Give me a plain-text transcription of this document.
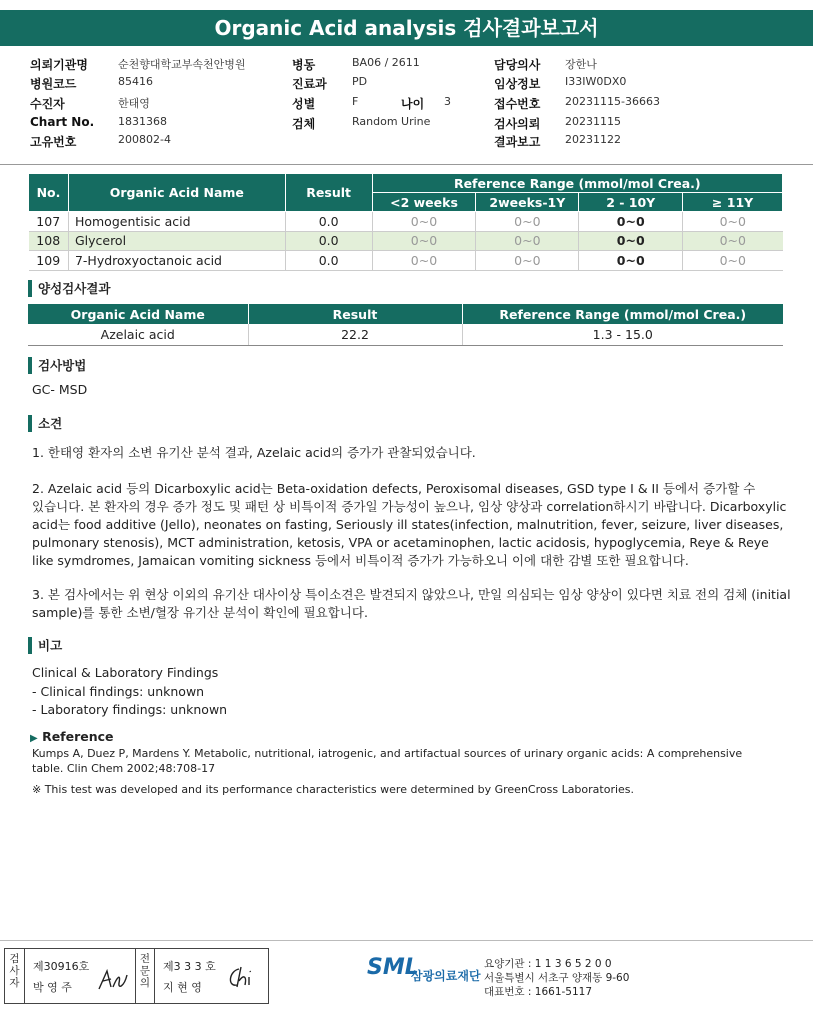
Organic Acid analysis 검사결과보고서
의뢰기관명	순천향대학교부속천안병원
병원코드	85416
수진자	한태영
Chart No. 1831368
고유번호	200802-4
병동	BA06 / 2611
진료과 PD
성별	F	나이 3
검체	Random Urine
담당의사 장한나
임상정보 I33IW0DX0
접수번호 20231115-36663
검사의뢰 20231115
결과보고 20231122
No.	Organic Acid Name	Result	Reference Range (mmol/mol Crea.)			
			<2 weeks	2weeks-1Y	2 - 10Y	≥ 11Y
107	Homogentisic acid	0.0	0~0	0~0	0~0	0~0
108	Glycerol	0.0	0~0	0~0	0~0	0~0
109	7-Hydroxyoctanoic acid	0.0	0~0	0~0	0~0	0~0
양성검사결과
Organic Acid Name	Result	Reference Range (mmol/mol Crea.)
Azelaic acid	22.2	1.3 - 15.0
검사방법
GC- MSD
소견
1. 한태영 환자의 소변 유기산 분석 결과, Azelaic acid의 증가가 관찰되었습니다.
2. Azelaic acid 등의 Dicarboxylic acid는 Beta-oxidation defects, Peroxisomal diseases, GSD type I & II 등에서 증가할 수
있습니다. 본 환자의 경우 증가 정도 및 패턴 상 비특이적 증가일 가능성이 높으나, 임상 양상과 correlation하시기 바랍니다. Dicarboxylic
acid는 food additive (Jello), neonates on fasting, Seriously ill states(infection, malnutrition, fever, seizure, liver diseases,
pulmonary stenosis), MCT administration, ketosis, VPA or acetaminophen, lactic acidosis, hypoglycemia, Reye & Reye
like symdromes, Jamaican vomiting sickness 등에서 비특이적 증가가 가능하오니 이에 대한 감별 또한 필요합니다.
3. 본 검사에서는 위 현상 이외의 유기산 대사이상 특이소견은 발견되지 않았으나, 만일 의심되는 임상 양상이 있다면 치료 전의 검체 (initial
sample)를 통한 소변/혈장 유기산 분석이 확인에 필요합니다.
비고
Clinical & Laboratory Findings
- Clinical findings: unknown
- Laboratory findings: unknown
▶ Reference
Kumps A, Duez P, Mardens Y. Metabolic, nutritional, iatrogenic, and artifactual sources of urinary organic acids: A comprehensive
table. Clin Chem 2002;48:708-17
※ This test was developed and its performance characteristics were determined by GreenCross Laboratories.
검
사
자
제30916호
박 영 주
전
문
의
제3 3 3 호
지 현 영
SML
삼광의료재단
요양기관 : 1 1 3 6 5 2 0 0
서울특별시 서초구 양재동 9-60
대표번호 : 1661-5117
